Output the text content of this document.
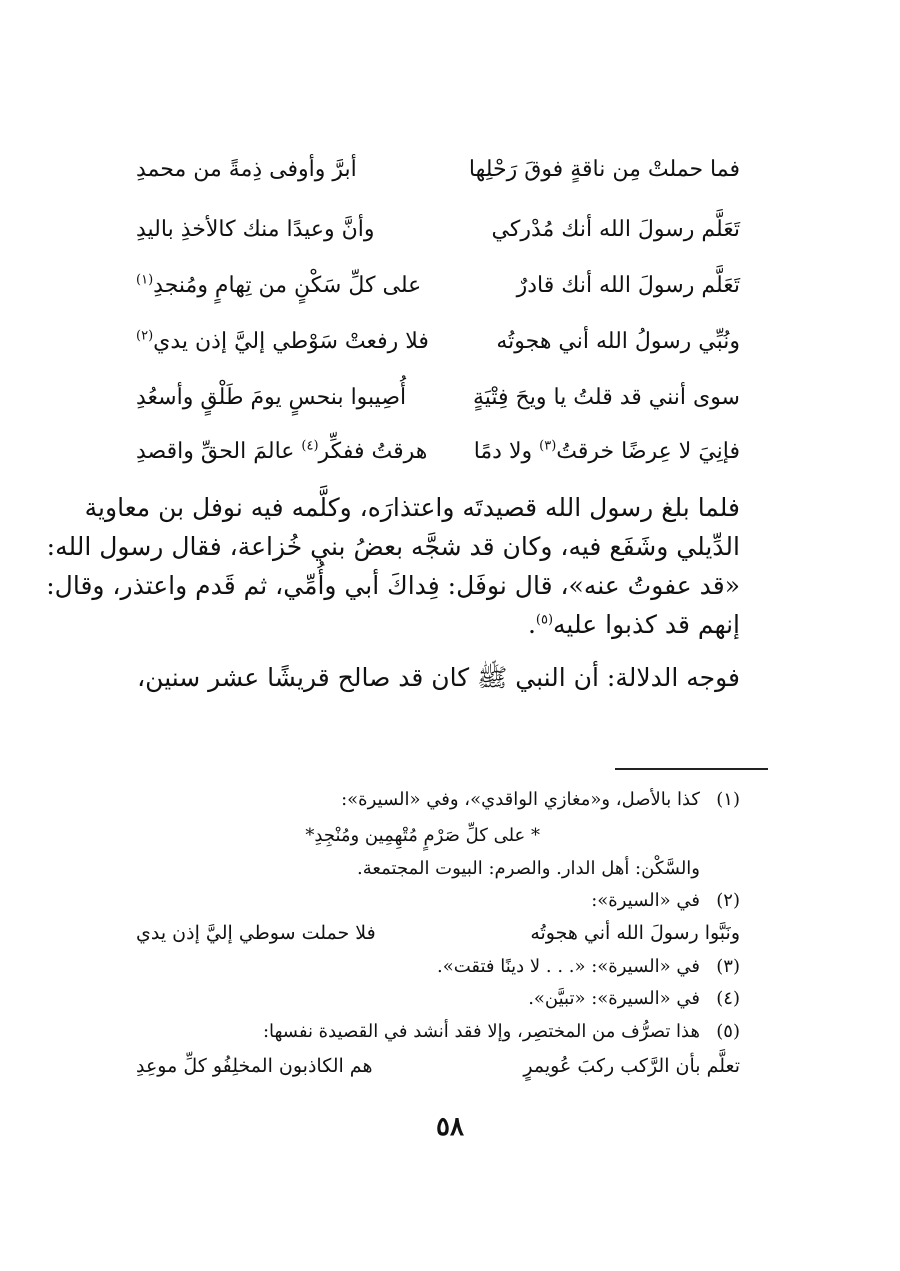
فما حملتْ مِن ناقةٍ فوقَ رَحْلِها
أبرَّ وأوفى ذِمةً من محمدِ
تَعَلَّم رسولَ الله أنك مُدْركي
وأنَّ وعيدًا منك كالأخذِ باليدِ
تَعَلَّم رسولَ الله أنك قادرٌ
على كلِّ سَكْنٍ من تِهامٍ ومُنجدِ$^{(١)}$
ونُبِّي رسولُ الله أني هجوتُه
فلا رفعتْ سَوْطي إليَّ إذن يدي$^{(٢)}$
سوى أنني قد قلتُ يا ويحَ فِتْيَةٍ
أُصِيبوا بنحسٍ يومَ طَلْقٍ وأسعُدِ
فإنِيَ لا عِرضًا خرقتُ$^{(٣)}$ ولا دمًا
هرقتُ ففكِّر$^{(٤)}$ عالمَ الحقِّ واقصدِ

فلما بلغ رسول الله قصيدتَه واعتذارَه، وكلَّمه فيه نوفل بن معاوية
الدِّيلي وشَفَع فيه، وكان قد شجَّه بعضُ بني خُزاعة، فقال رسول الله:
«قد عفوتُ عنه»، قال نوفَل: فِداكَ أبي وأُمِّي، ثم قَدم واعتذر، وقال:
إنهم قد كذبوا عليه$^{(٥)}$.

فوجه الدلالة: أن النبي ﷺ كان قد صالح قريشًا عشر سنين،

(١)كذا بالأصل، و«مغازي الواقدي»، وفي «السيرة»:
* على كلِّ صَرْمٍ مُتْهِمِين ومُنْجِدِ*
والسَّكْن: أهل الدار. والصرم: البيوت المجتمعة.
(٢)في «السيرة»:
ونَبَّوا رسولَ الله أني هجوتُه
فلا حملت سوطي إليَّ إذن يدي
(٣)في «السيرة»: «. . . لا دينًا فتقت».
(٤)في «السيرة»: «تبيَّن».
(٥)هذا تصرُّف من المختصِر، وإلا فقد أنشد في القصيدة نفسها:
تعلَّم بأن الرَّكب ركبَ عُويمرٍ
هم الكاذبون المخلِفُو كلِّ موعِدِ
٥٨
